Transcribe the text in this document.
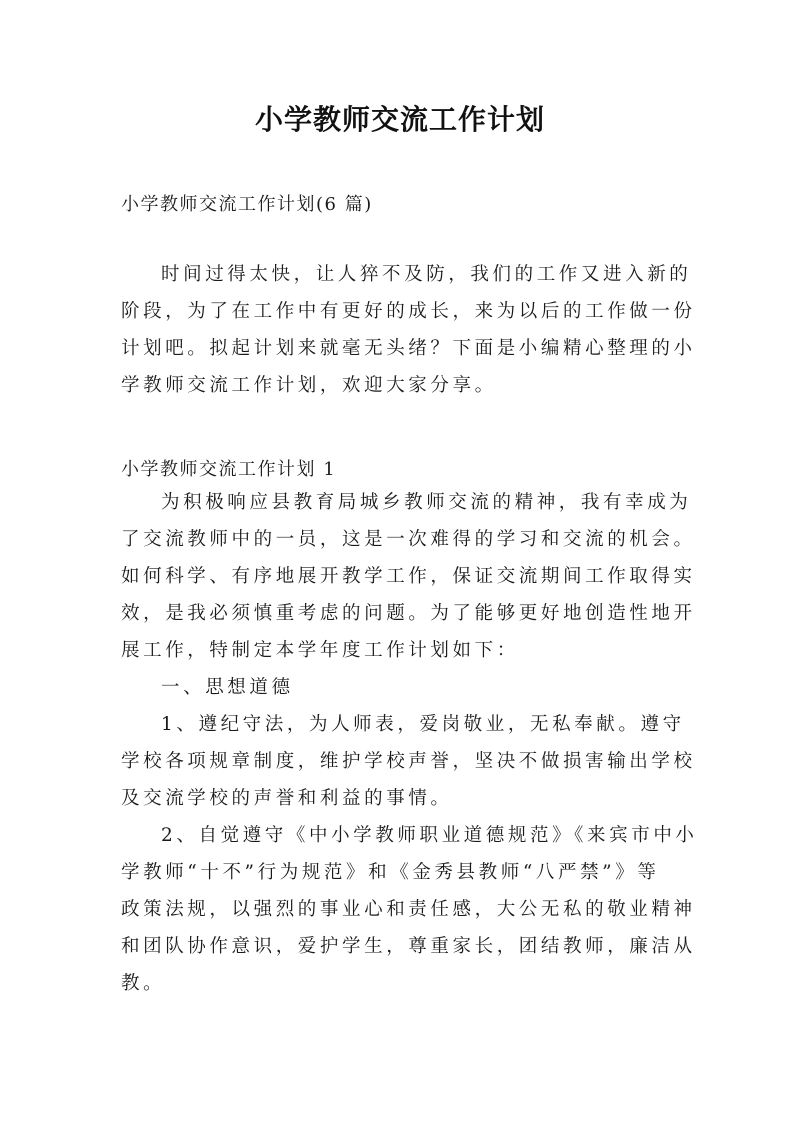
小学教师交流工作计划

小学教师交流工作计划(6 篇)

时间过得太快，让人猝不及防，我们的工作又进入新的
阶段，为了在工作中有更好的成长，来为以后的工作做一份
计划吧。拟起计划来就毫无头绪？下面是小编精心整理的小
学教师交流工作计划，欢迎大家分享。

小学教师交流工作计划 1

为积极响应县教育局城乡教师交流的精神，我有幸成为
了交流教师中的一员，这是一次难得的学习和交流的机会。
如何科学、有序地展开教学工作，保证交流期间工作取得实
效，是我必须慎重考虑的问题。为了能够更好地创造性地开
展工作，特制定本学年度工作计划如下：
一、思想道德
1、遵纪守法，为人师表，爱岗敬业，无私奉献。遵守
学校各项规章制度，维护学校声誉，坚决不做损害输出学校
及交流学校的声誉和利益的事情。
2、自觉遵守《中小学教师职业道德规范》《来宾市中小
学教师“十不”行为规范》和《金秀县教师“八严禁”》等
政策法规，以强烈的事业心和责任感，大公无私的敬业精神
和团队协作意识，爱护学生，尊重家长，团结教师，廉洁从
教。
